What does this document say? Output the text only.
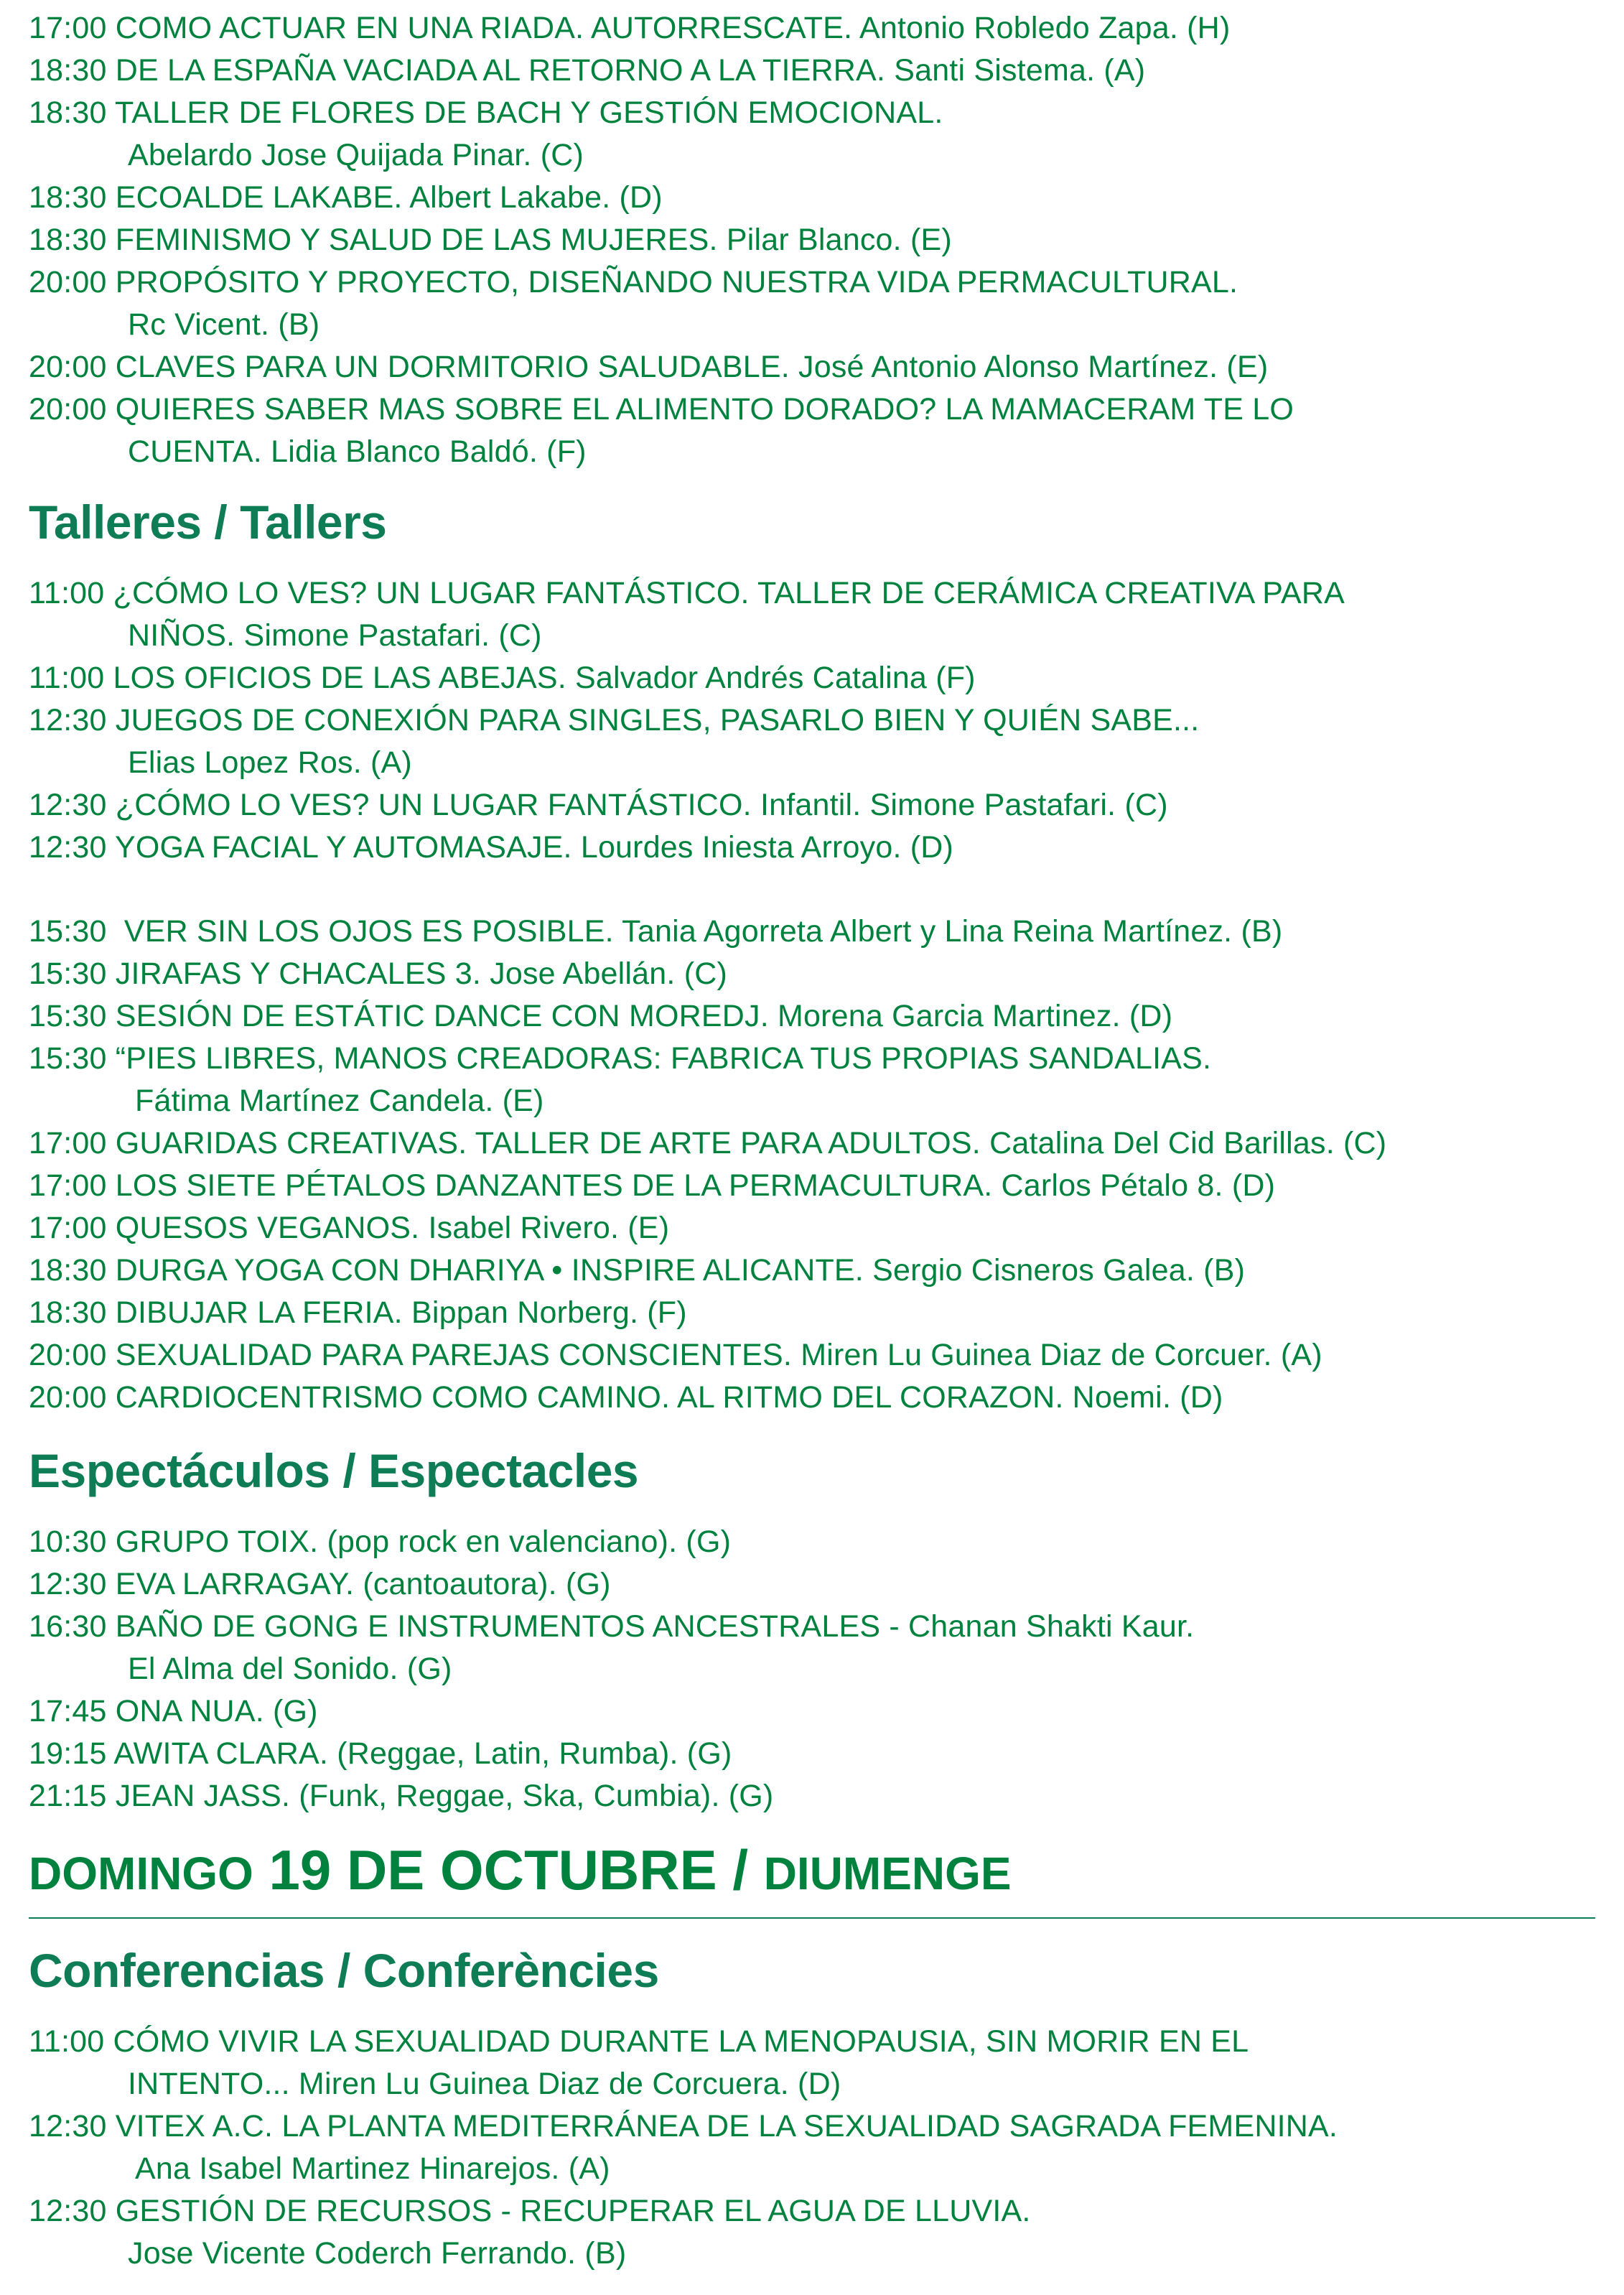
17:00 COMO ACTUAR EN UNA RIADA. AUTORRESCATE. Antonio Robledo Zapa. (H)
18:30 DE LA ESPAÑA VACIADA AL RETORNO A LA TIERRA. Santi Sistema. (A)
18:30 TALLER DE FLORES DE BACH Y GESTIÓN EMOCIONAL.
Abelardo Jose Quijada Pinar. (C)
18:30 ECOALDE LAKABE. Albert Lakabe. (D)
18:30 FEMINISMO Y SALUD DE LAS MUJERES. Pilar Blanco. (E)
20:00 PROPÓSITO Y PROYECTO, DISEÑANDO NUESTRA VIDA PERMACULTURAL.
Rc Vicent. (B)
20:00 CLAVES PARA UN DORMITORIO SALUDABLE. José Antonio Alonso Martínez. (E)
20:00 QUIERES SABER MAS SOBRE EL ALIMENTO DORADO? LA MAMACERAM TE LO
CUENTA. Lidia Blanco Baldó. (F)
Talleres / Tallers
11:00 ¿CÓMO LO VES? UN LUGAR FANTÁSTICO. TALLER DE CERÁMICA CREATIVA PARA
NIÑOS. Simone Pastafari. (C)
11:00 LOS OFICIOS DE LAS ABEJAS. Salvador Andrés Catalina (F)
12:30 JUEGOS DE CONEXIÓN PARA SINGLES, PASARLO BIEN Y QUIÉN SABE...
Elias Lopez Ros. (A)
12:30 ¿CÓMO LO VES? UN LUGAR FANTÁSTICO. Infantil. Simone Pastafari. (C)
12:30 YOGA FACIAL Y AUTOMASAJE. Lourdes Iniesta Arroyo. (D)
15:30  VER SIN LOS OJOS ES POSIBLE. Tania Agorreta Albert y Lina Reina Martínez. (B)
15:30 JIRAFAS Y CHACALES 3. Jose Abellán. (C)
15:30 SESIÓN DE ESTÁTIC DANCE CON MOREDJ. Morena Garcia Martinez. (D)
15:30 “PIES LIBRES, MANOS CREADORAS: FABRICA TUS PROPIAS SANDALIAS.
Fátima Martínez Candela. (E)
17:00 GUARIDAS CREATIVAS. TALLER DE ARTE PARA ADULTOS. Catalina Del Cid Barillas. (C)
17:00 LOS SIETE PÉTALOS DANZANTES DE LA PERMACULTURA. Carlos Pétalo 8. (D)
17:00 QUESOS VEGANOS. Isabel Rivero. (E)
18:30 DURGA YOGA CON DHARIYA • INSPIRE ALICANTE. Sergio Cisneros Galea. (B)
18:30 DIBUJAR LA FERIA. Bippan Norberg. (F)
20:00 SEXUALIDAD PARA PAREJAS CONSCIENTES. Miren Lu Guinea Diaz de Corcuer. (A)
20:00 CARDIOCENTRISMO COMO CAMINO. AL RITMO DEL CORAZON. Noemi. (D)
Espectáculos / Espectacles
10:30 GRUPO TOIX. (pop rock en valenciano). (G)
12:30 EVA LARRAGAY. (cantoautora). (G)
16:30 BAÑO DE GONG E INSTRUMENTOS ANCESTRALES - Chanan Shakti Kaur.
El Alma del Sonido. (G)
17:45 ONA NUA. (G)
19:15 AWITA CLARA. (Reggae, Latin, Rumba). (G)
21:15 JEAN JASS. (Funk, Reggae, Ska, Cumbia). (G)
DOMINGO 19 DE OCTUBRE / DIUMENGE
Conferencias / Conferències
11:00 CÓMO VIVIR LA SEXUALIDAD DURANTE LA MENOPAUSIA, SIN MORIR EN EL
INTENTO... Miren Lu Guinea Diaz de Corcuera. (D)
12:30 VITEX A.C. LA PLANTA MEDITERRÁNEA DE LA SEXUALIDAD SAGRADA FEMENINA.
Ana Isabel Martinez Hinarejos. (A)
12:30 GESTIÓN DE RECURSOS - RECUPERAR EL AGUA DE LLUVIA.
Jose Vicente Coderch Ferrando. (B)
